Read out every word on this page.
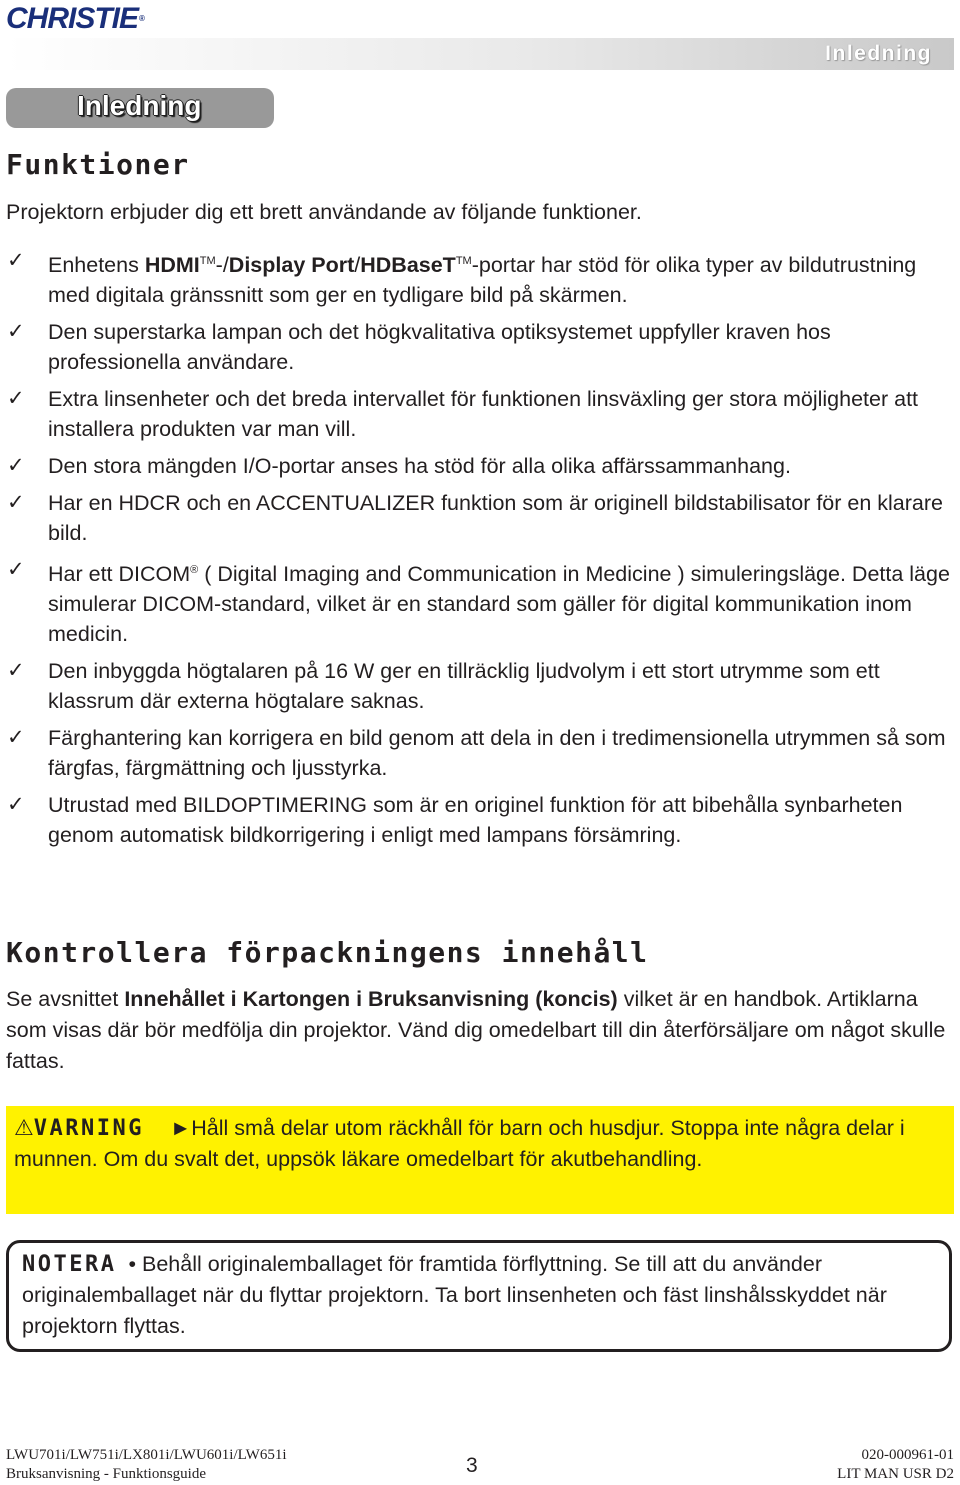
CHRISTIE®
Inledning
Inledning
Funktioner

Projektorn erbjuder dig ett brett användande av följande funktioner.

✓ Enhetens HDMI™-/Display Port/HDBaseT™-portar har stöd för olika typer av bildutrustning med digitala gränssnitt som ger en tydligare bild på skärmen.
✓ Den superstarka lampan och det högkvalitativa optiksystemet uppfyller kraven hos professionella användare.
✓ Extra linsenheter och det breda intervallet för funktionen linsväxling ger stora möjligheter att installera produkten var man vill.
✓ Den stora mängden I/O-portar anses ha stöd för alla olika affärssammanhang.
✓ Har en HDCR och en ACCENTUALIZER funktion som är originell bildstabilisator för en klarare bild.
✓ Har ett DICOM® ( Digital Imaging and Communication in Medicine ) simuleringsläge. Detta läge simulerar DICOM-standard, vilket är en standard som gäller för digital kommunikation inom medicin.
✓ Den inbyggda högtalaren på 16 W ger en tillräcklig ljudvolym i ett stort utrymme som ett klassrum där externa högtalare saknas.
✓ Färghantering kan korrigera en bild genom att dela in den i tredimensionella utrymmen så som färgfas, färgmättning och ljusstyrka.
✓ Utrustad med BILDOPTIMERING som är en originel funktion för att bibehålla synbarheten genom automatisk bildkorrigering i enligt med lampans försämring.
Kontrollera förpackningens innehåll

Se avsnittet Innehållet i Kartongen i Bruksanvisning (koncis) vilket är en handbok. Artiklarna som visas där bör medfölja din projektor. Vänd dig omedelbart till din återförsäljare om något skulle fattas.

⚠VARNING ►Håll små delar utom räckhåll för barn och husdjur. Stoppa inte några delar i munnen. Om du svalt det, uppsök läkare omedelbart för akutbehandling.

NOTERA • Behåll originalemballaget för framtida förflyttning. Se till att du använder originalemballaget när du flyttar projektorn. Ta bort linsenheten och fäst linshålsskyddet när projektorn flyttas.

LWU701i/LW751i/LX801i/LWU601i/LW651i
Bruksanvisning - Funktionsguide	3	020-000961-01
LIT MAN USR D2
